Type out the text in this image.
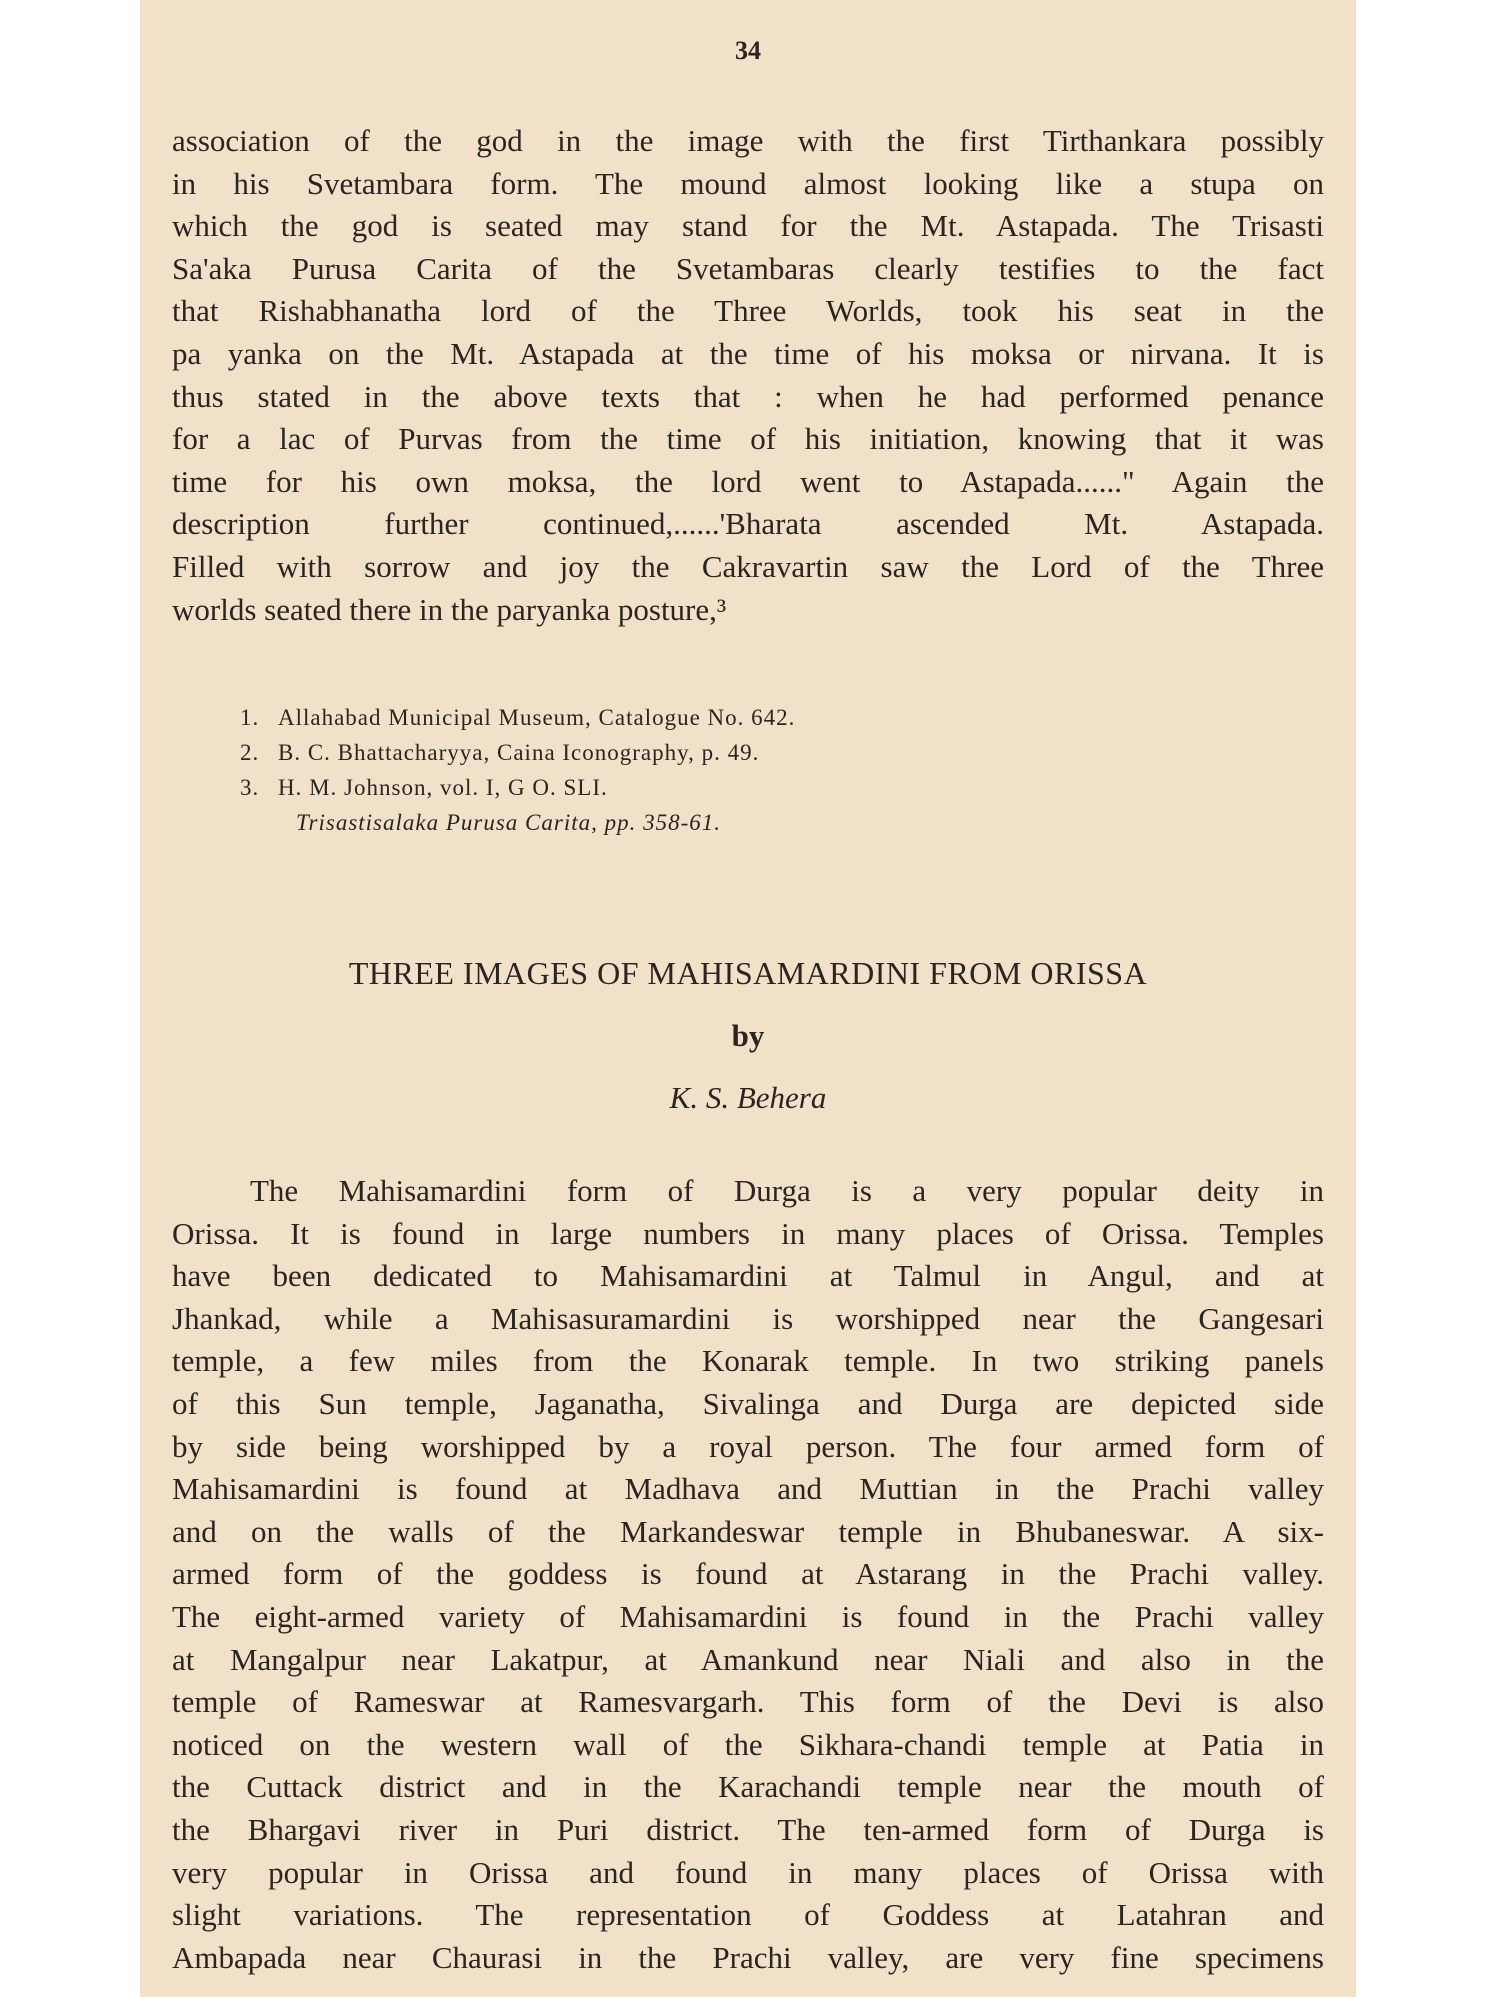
34
association of the god in the image with the first Tirthankara possibly
in his Svetambara form. The mound almost looking like a stupa on
which the god is seated may stand for the Mt. Astapada. The Trisasti
Sa'aka Purusa Carita of the Svetambaras clearly testifies to the fact
that Rishabhanatha lord of the Three Worlds, took his seat in the
pa yanka on the Mt. Astapada at the time of his moksa or nirvana. It is
thus stated in the above texts that : when he had performed penance
for a lac of Purvas from the time of his initiation, knowing that it was
time for his own moksa, the lord went to Astapada......" Again the
description further continued,......'Bharata ascended Mt. Astapada.
Filled with sorrow and joy the Cakravartin saw the Lord of the Three
worlds seated there in the paryanka posture,³
1. Allahabad Municipal Museum, Catalogue No. 642.
2. B. C. Bhattacharyya, Caina Iconography, p. 49.
3. H. M. Johnson, vol. I, G O. SLI.
Trisastisalaka Purusa Carita, pp. 358-61.
THREE IMAGES OF MAHISAMARDINI FROM ORISSA
by
K. S. Behera
The Mahisamardini form of Durga is a very popular deity in
Orissa. It is found in large numbers in many places of Orissa. Temples
have been dedicated to Mahisamardini at Talmul in Angul, and at
Jhankad, while a Mahisasuramardini is worshipped near the Gangesari
temple, a few miles from the Konarak temple. In two striking panels
of this Sun temple, Jaganatha, Sivalinga and Durga are depicted side
by side being worshipped by a royal person. The four armed form of
Mahisamardini is found at Madhava and Muttian in the Prachi valley
and on the walls of the Markandeswar temple in Bhubaneswar. A six-
armed form of the goddess is found at Astarang in the Prachi valley.
The eight-armed variety of Mahisamardini is found in the Prachi valley
at Mangalpur near Lakatpur, at Amankund near Niali and also in the
temple of Rameswar at Ramesvargarh. This form of the Devi is also
noticed on the western wall of the Sikhara-chandi temple at Patia in
the Cuttack district and in the Karachandi temple near the mouth of
the Bhargavi river in Puri district. The ten-armed form of Durga is
very popular in Orissa and found in many places of Orissa with
slight variations. The representation of Goddess at Latahran and
Ambapada near Chaurasi in the Prachi valley, are very fine specimens
